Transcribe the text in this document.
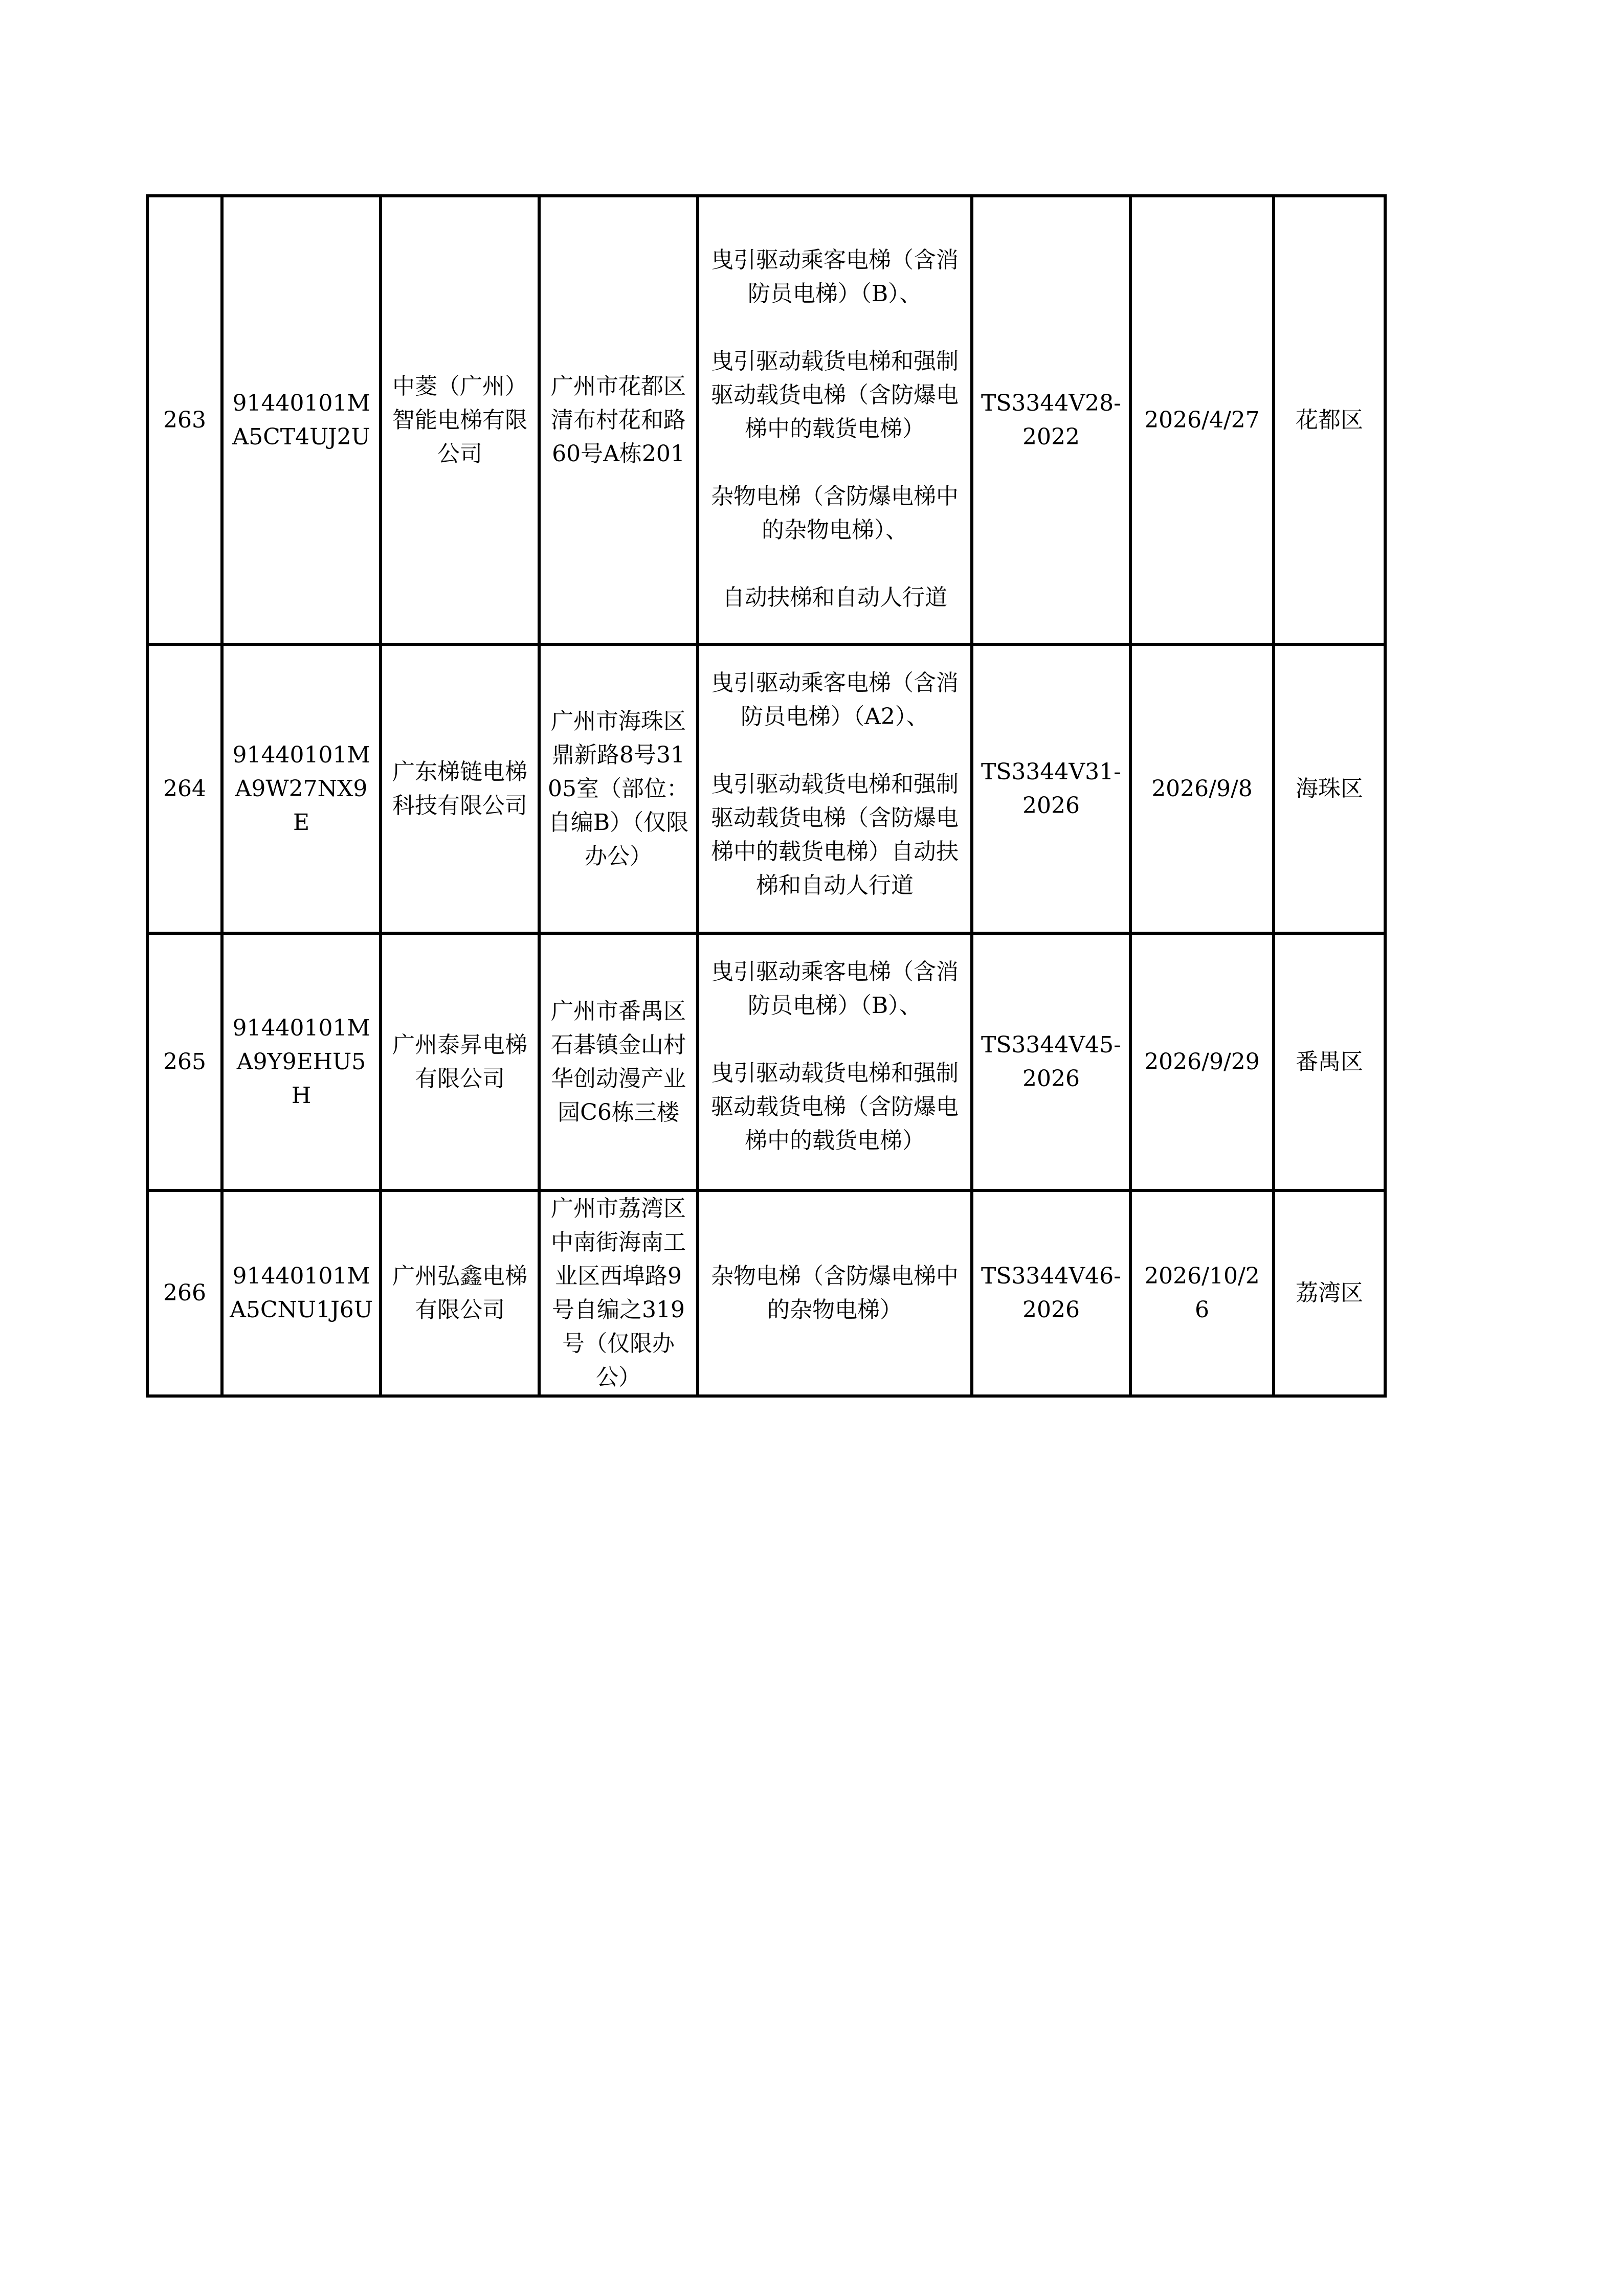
263	91440101MA5CT4UJ2U	中菱（广州）智能电梯有限公司	广州市花都区清布村花和路60号A栋201	曳引驱动乘客电梯（含消防员电梯）（B）、
曳引驱动载货电梯和强制驱动载货电梯（含防爆电梯中的载货电梯）
杂物电梯（含防爆电梯中的杂物电梯）、
自动扶梯和自动人行道	TS3344V28-2022	2026/4/27	花都区
264	91440101MA9W27NX9E	广东梯链电梯科技有限公司	广州市海珠区鼎新路8号3105室（部位：自编B）（仅限办公）	曳引驱动乘客电梯（含消防员电梯）（A2）、
曳引驱动载货电梯和强制驱动载货电梯（含防爆电梯中的载货电梯）自动扶梯和自动人行道	TS3344V31-2026	2026/9/8	海珠区
265	91440101MA9Y9EHU5H	广州泰昇电梯有限公司	广州市番禺区石碁镇金山村华创动漫产业园C6栋三楼	曳引驱动乘客电梯（含消防员电梯）（B）、
曳引驱动载货电梯和强制驱动载货电梯（含防爆电梯中的载货电梯）	TS3344V45-2026	2026/9/29	番禺区
266	91440101MA5CNU1J6U	广州弘鑫电梯有限公司	广州市荔湾区中南街海南工业区西埠路9号自编之319号（仅限办公）	杂物电梯（含防爆电梯中的杂物电梯）	TS3344V46-2026	2026/10/26	荔湾区
